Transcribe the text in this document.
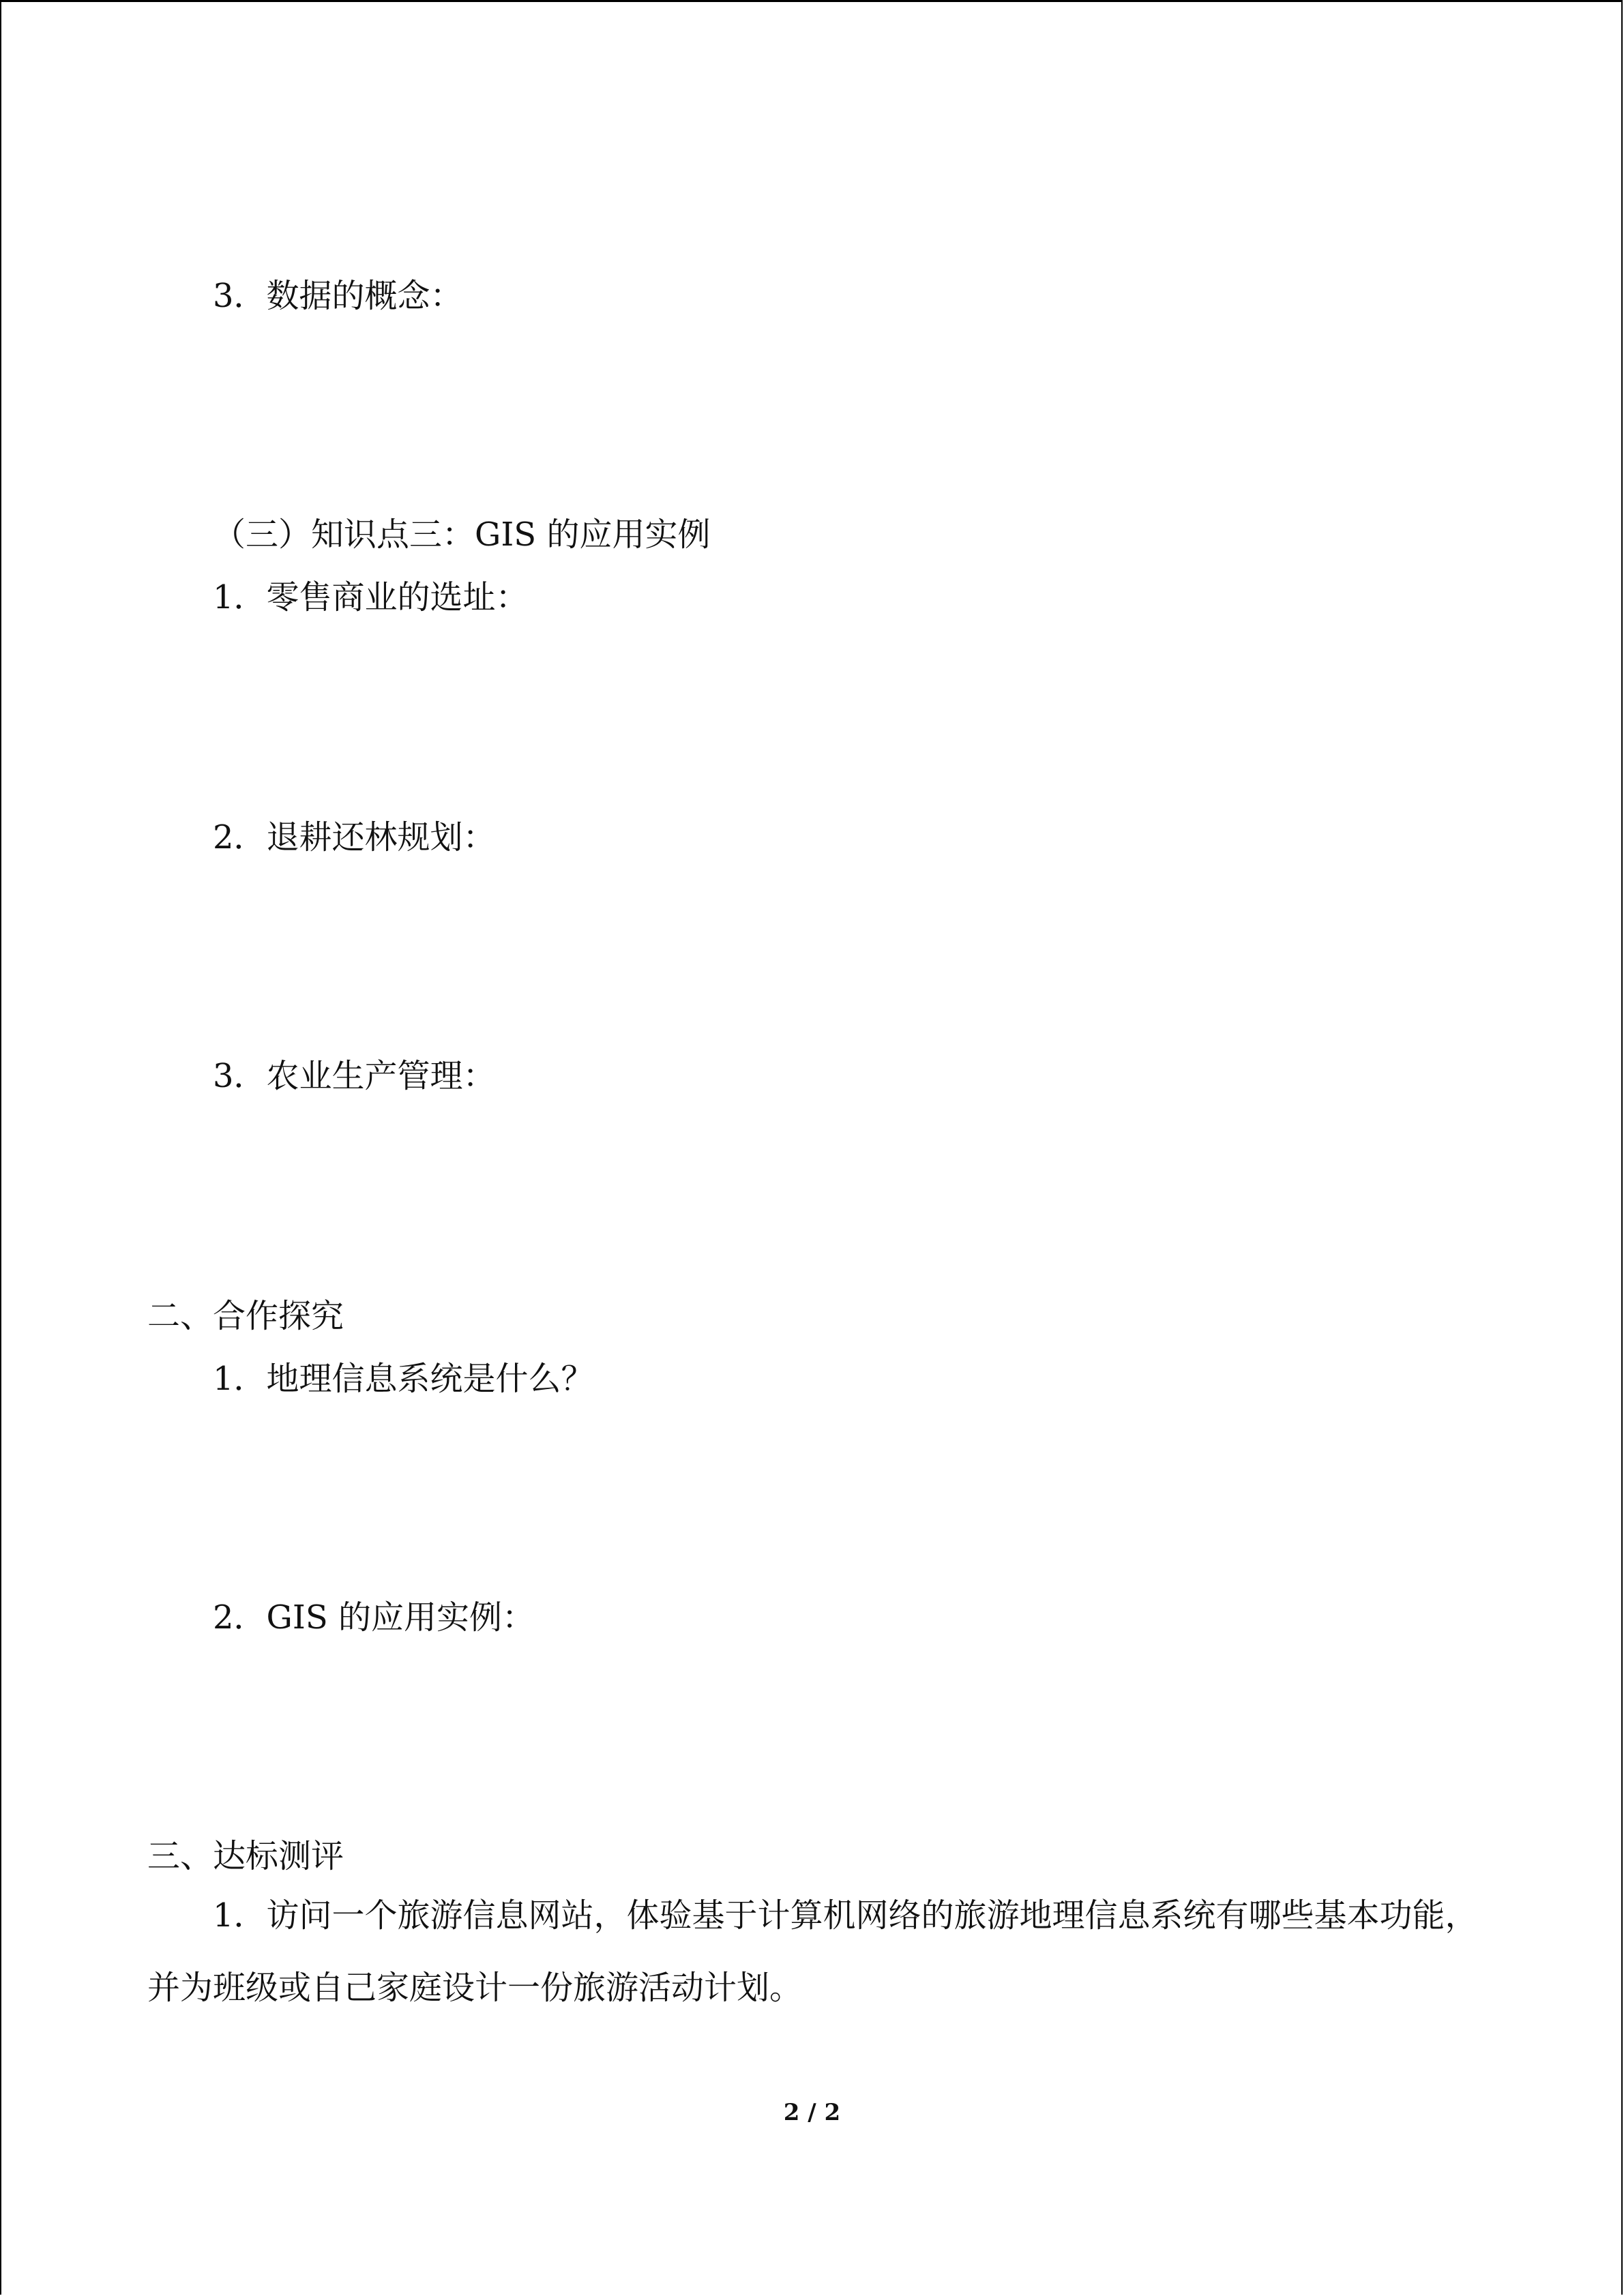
3．数据的概念：

（三）知识点三：GIS 的应用实例

1．零售商业的选址：

2．退耕还林规划：

3．农业生产管理：

二、合作探究

1．地理信息系统是什么？

2．GIS 的应用实例：

三、达标测评

1．访问一个旅游信息网站，体验基于计算机网络的旅游地理信息系统有哪些基本功能，并为班级或自己家庭设计一份旅游活动计划。

2 / 2
